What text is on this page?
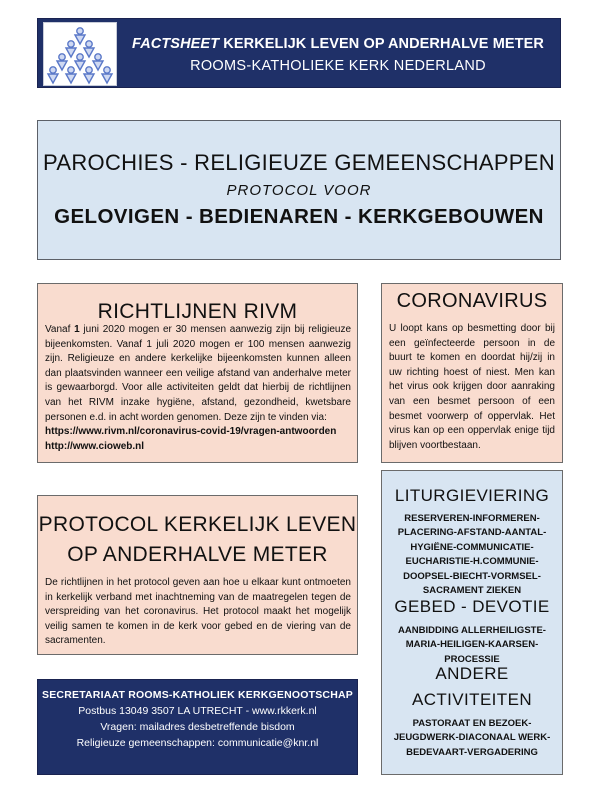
FACTSHEET KERKELIJK LEVEN OP ANDERHALVE METER
ROOMS-KATHOLIEKE KERK NEDERLAND
PAROCHIES - RELIGIEUZE GEMEENSCHAPPEN
PROTOCOL VOOR
GELOVIGEN - BEDIENAREN - KERKGEBOUWEN
RICHTLIJNEN RIVM
Vanaf 1 juni 2020 mogen er 30 mensen aanwezig zijn bij religieuze bijeenkomsten. Vanaf 1 juli 2020 mogen er 100 mensen aanwezig zijn. Religieuze en andere kerkelijke bijeenkomsten kunnen alleen dan plaatsvinden wanneer een veilige afstand van anderhalve meter is gewaarborgd. Voor alle activiteiten geldt dat hierbij de richtlijnen van het RIVM inzake hygiëne, afstand, gezondheid, kwetsbare personen e.d. in acht worden genomen. Deze zijn te vinden via:
https://www.rivm.nl/coronavirus-covid-19/vragen-antwoorden
http://www.cioweb.nl
CORONAVIRUS
U loopt kans op besmetting door bij een geïnfecteerde persoon in de buurt te komen en doordat hij/zij in uw richting hoest of niest. Men kan het virus ook krijgen door aanraking van een besmet persoon of een besmet voorwerp of oppervlak. Het virus kan op een oppervlak enige tijd blijven voortbestaan.
PROTOCOL KERKELIJK LEVEN
OP ANDERHALVE METER
De richtlijnen in het protocol geven aan hoe u elkaar kunt ontmoeten in kerkelijk verband met inachtneming van de maatregelen tegen de verspreiding van het coronavirus. Het protocol maakt het mogelijk veilig samen te komen in de kerk voor gebed en de viering van de sacramenten.
SECRETARIAAT ROOMS-KATHOLIEK KERKGENOOTSCHAP
Postbus 13049 3507 LA UTRECHT - www.rkkerk.nl
Vragen: mailadres desbetreffende bisdom
Religieuze gemeenschappen: communicatie@knr.nl
LITURGIEVIERING
RESERVEREN-INFORMEREN-
PLACERING-AFSTAND-AANTAL-
HYGIËNE-COMMUNICATIE-
EUCHARISTIE-H.COMMUNIE-
DOOPSEL-BIECHT-VORMSEL-
SACRAMENT ZIEKEN
GEBED - DEVOTIE
AANBIDDING ALLERHEILIGSTE-
MARIA-HEILIGEN-KAARSEN-
PROCESSIE
ANDERE
ACTIVITEITEN
PASTORAAT EN BEZOEK-
JEUGDWERK-DIACONAAL WERK-
BEDEVAART-VERGADERING
